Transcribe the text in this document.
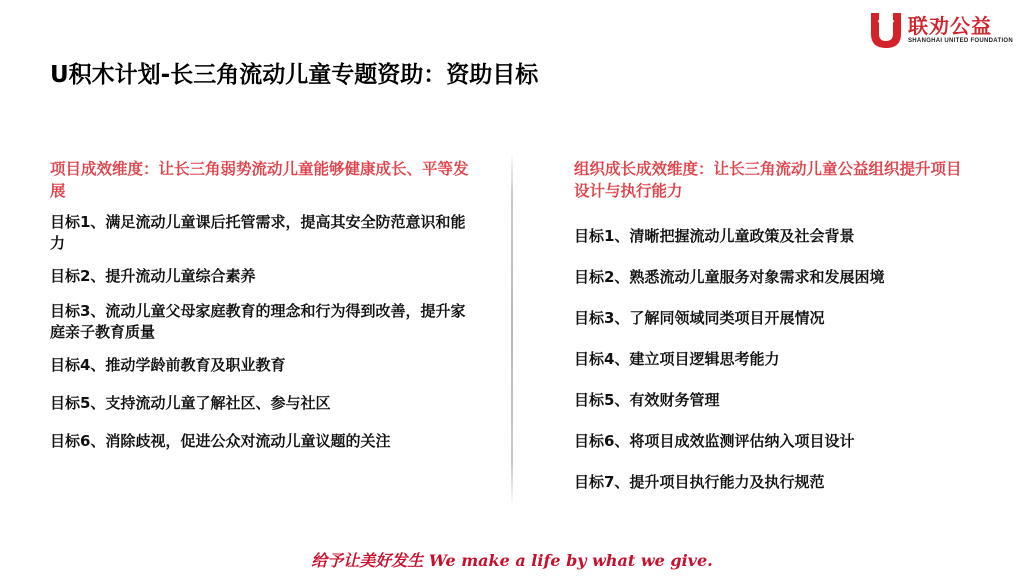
联劝公益
SHANGHAI UNITED FOUNDATION
U积木计划-长三角流动儿童专题资助：资助目标
项目成效维度：让长三角弱势流动儿童能够健康成长、平等发展
目标1、满足流动儿童课后托管需求，提高其安全防范意识和能力
目标2、提升流动儿童综合素养
目标3、流动儿童父母家庭教育的理念和行为得到改善，提升家庭亲子教育质量
目标4、推动学龄前教育及职业教育
目标5、支持流动儿童了解社区、参与社区
目标6、消除歧视，促进公众对流动儿童议题的关注
组织成长成效维度：让长三角流动儿童公益组织提升项目设计与执行能力
目标1、清晰把握流动儿童政策及社会背景
目标2、熟悉流动儿童服务对象需求和发展困境
目标3、了解同领域同类项目开展情况
目标4、建立项目逻辑思考能力
目标5、有效财务管理
目标6、将项目成效监测评估纳入项目设计
目标7、提升项目执行能力及执行规范
给予让美好发生 We make a life by what we give.
